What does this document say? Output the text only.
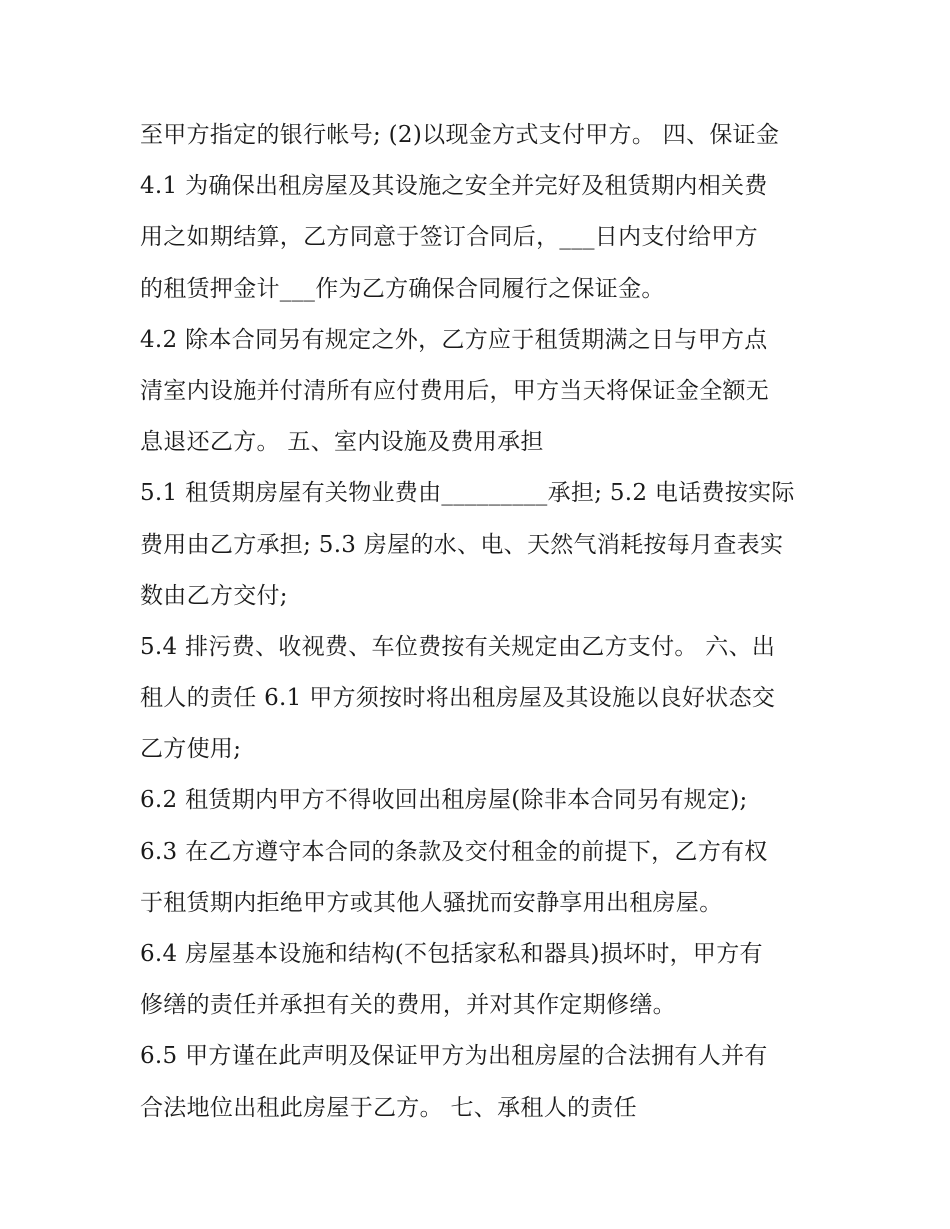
至甲方指定的银行帐号; (2)以现金方式支付甲方。 四、保证金
4.1 为确保出租房屋及其设施之安全并完好及租赁期内相关费
用之如期结算，乙方同意于签订合同后，___日内支付给甲方
的租赁押金计___作为乙方确保合同履行之保证金。
4.2 除本合同另有规定之外，乙方应于租赁期满之日与甲方点
清室内设施并付清所有应付费用后，甲方当天将保证金全额无
息退还乙方。 五、室内设施及费用承担
5.1 租赁期房屋有关物业费由_________承担; 5.2 电话费按实际
费用由乙方承担; 5.3 房屋的水、电、天然气消耗按每月查表实
数由乙方交付;
5.4 排污费、收视费、车位费按有关规定由乙方支付。 六、出
租人的责任 6.1 甲方须按时将出租房屋及其设施以良好状态交
乙方使用;
6.2 租赁期内甲方不得收回出租房屋(除非本合同另有规定);
6.3 在乙方遵守本合同的条款及交付租金的前提下，乙方有权
于租赁期内拒绝甲方或其他人骚扰而安静享用出租房屋。
6.4 房屋基本设施和结构(不包括家私和器具)损坏时，甲方有
修缮的责任并承担有关的费用，并对其作定期修缮。
6.5 甲方谨在此声明及保证甲方为出租房屋的合法拥有人并有
合法地位出租此房屋于乙方。 七、承租人的责任
